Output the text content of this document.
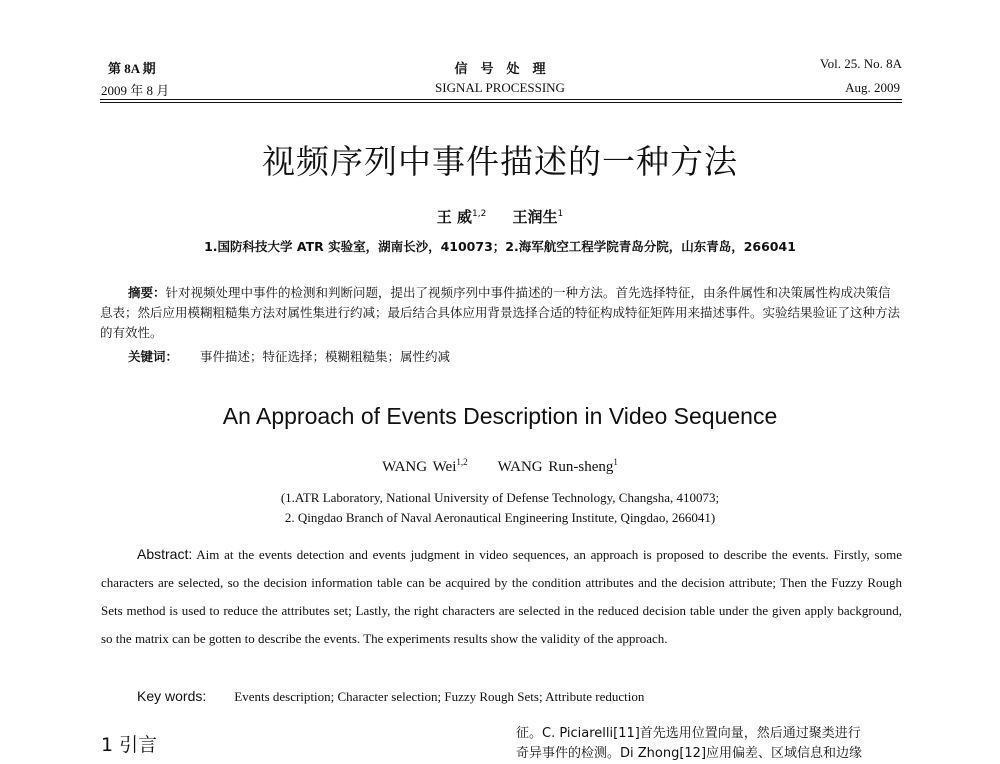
第 8A 期
2009 年 8 月
信　号　处　理
SIGNAL PROCESSING
Vol. 25. No. 8A
Aug. 2009
视频序列中事件描述的一种方法
王 威$^{1,2}$ 王润生$^1$
1.国防科技大学 ATR 实验室，湖南长沙，410073；2.海军航空工程学院青岛分院，山东青岛，266041
摘要：针对视频处理中事件的检测和判断问题，提出了视频序列中事件描述的一种方法。首先选择特征，由条件属性和决策属性构成决策信息表；然后应用模糊粗糙集方法对属性集进行约减；最后结合具体应用背景选择合适的特征构成特征矩阵用来描述事件。实验结果验证了这种方法的有效性。
关键词： 事件描述；特征选择；模糊粗糙集；属性约减
An Approach of Events Description in Video Sequence
WANG Wei$^{1,2}$ WANG Run-sheng$^1$
(1.ATR Laboratory, National University of Defense Technology, Changsha, 410073;
2. Qingdao Branch of Naval Aeronautical Engineering Institute, Qingdao, 266041)
Abstract: Aim at the events detection and events judgment in video sequences, an approach is proposed to describe the events. Firstly, some characters are selected, so the decision information table can be acquired by the condition attributes and the decision attribute; Then the Fuzzy Rough Sets method is used to reduce the attributes set; Lastly, the right characters are selected in the reduced decision table under the given apply background, so the matrix can be gotten to describe the events. The experiments results show the validity of the approach.
Key words: Events description; Character selection; Fuzzy Rough Sets; Attribute reduction
1 引言
征。C. Piciarelli[11]首先选用位置向量，然后通过聚类进行
奇异事件的检测。Di Zhong[12]应用偏差、区域信息和边缘
